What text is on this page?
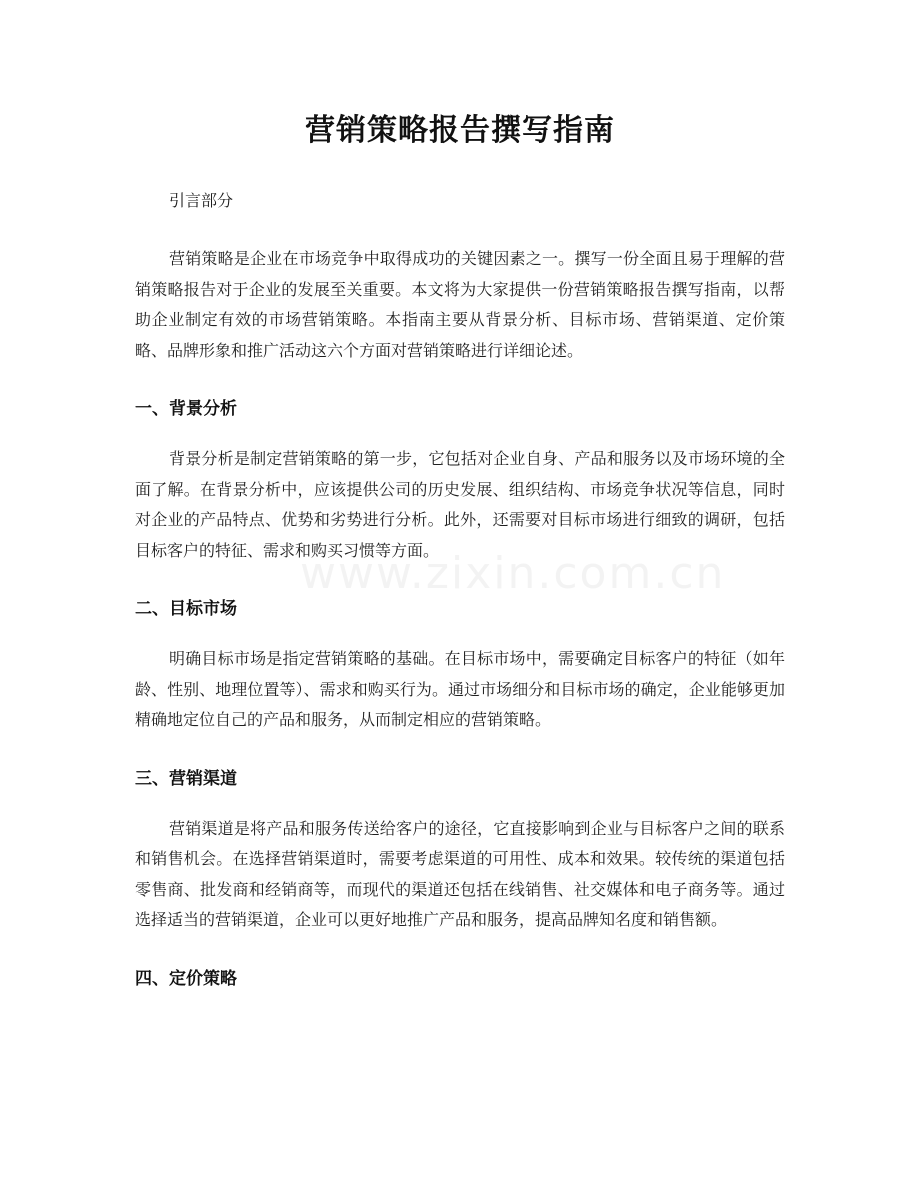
www.zixin.com.cn
营销策略报告撰写指南

引言部分

营销策略是企业在市场竞争中取得成功的关键因素之一。撰写一份全面且易于理解的营销策略报告对于企业的发展至关重要。本文将为大家提供一份营销策略报告撰写指南，以帮助企业制定有效的市场营销策略。本指南主要从背景分析、目标市场、营销渠道、定价策略、品牌形象和推广活动这六个方面对营销策略进行详细论述。

一、背景分析

背景分析是制定营销策略的第一步，它包括对企业自身、产品和服务以及市场环境的全面了解。在背景分析中，应该提供公司的历史发展、组织结构、市场竞争状况等信息，同时对企业的产品特点、优势和劣势进行分析。此外，还需要对目标市场进行细致的调研，包括目标客户的特征、需求和购买习惯等方面。

二、目标市场

明确目标市场是指定营销策略的基础。在目标市场中，需要确定目标客户的特征（如年龄、性别、地理位置等）、需求和购买行为。通过市场细分和目标市场的确定，企业能够更加精确地定位自己的产品和服务，从而制定相应的营销策略。

三、营销渠道

营销渠道是将产品和服务传送给客户的途径，它直接影响到企业与目标客户之间的联系和销售机会。在选择营销渠道时，需要考虑渠道的可用性、成本和效果。较传统的渠道包括零售商、批发商和经销商等，而现代的渠道还包括在线销售、社交媒体和电子商务等。通过选择适当的营销渠道，企业可以更好地推广产品和服务，提高品牌知名度和销售额。

四、定价策略
